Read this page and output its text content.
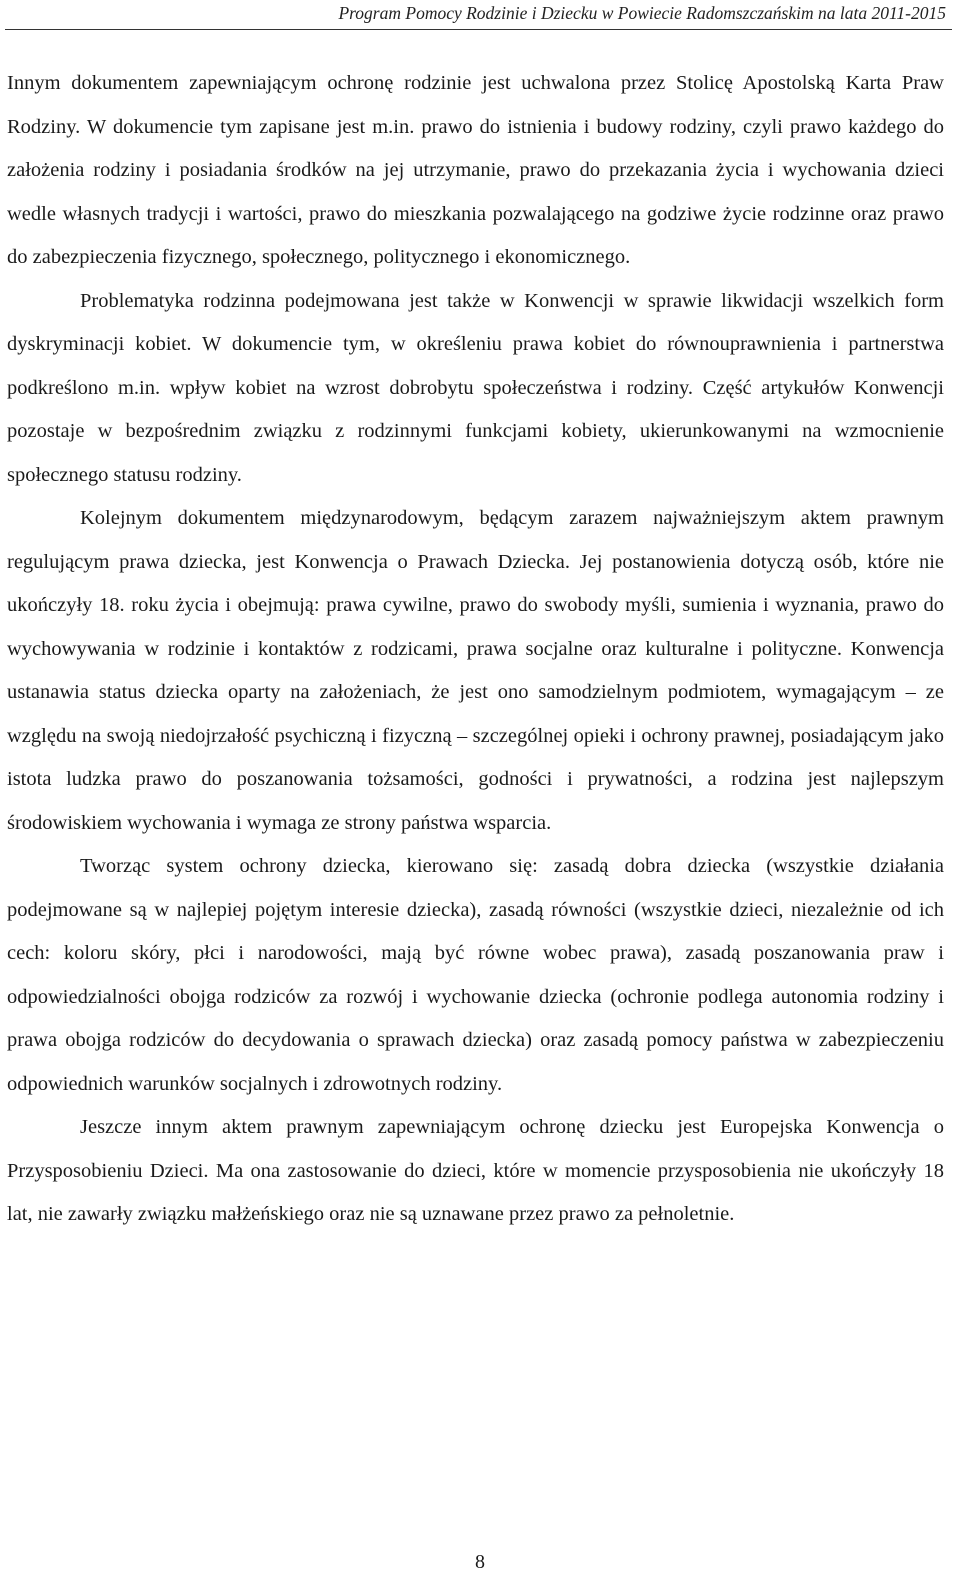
Program Pomocy Rodzinie i Dziecku w Powiecie Radomszczańskim na lata 2011-2015

Innym dokumentem zapewniającym ochronę rodzinie jest uchwalona przez Stolicę Apostolską Karta Praw Rodziny. W dokumencie tym zapisane jest m.in. prawo do istnienia i budowy rodziny, czyli prawo każdego do założenia rodziny i posiadania środków na jej utrzymanie, prawo do przekazania życia i wychowania dzieci wedle własnych tradycji i wartości, prawo do mieszkania pozwalającego na godziwe życie rodzinne oraz prawo do zabezpieczenia fizycznego, społecznego, politycznego i ekonomicznego.

Problematyka rodzinna podejmowana jest także w Konwencji w sprawie likwidacji wszelkich form dyskryminacji kobiet. W dokumencie tym, w określeniu prawa kobiet do równouprawnienia i partnerstwa podkreślono m.in. wpływ kobiet na wzrost dobrobytu społeczeństwa i rodziny. Część artykułów Konwencji pozostaje w bezpośrednim związku z rodzinnymi funkcjami kobiety, ukierunkowanymi na wzmocnienie społecznego statusu rodziny.

Kolejnym dokumentem międzynarodowym, będącym zarazem najważniejszym aktem prawnym regulującym prawa dziecka, jest Konwencja o Prawach Dziecka. Jej postanowienia dotyczą osób, które nie ukończyły 18. roku życia i obejmują: prawa cywilne, prawo do swobody myśli, sumienia i wyznania, prawo do wychowywania w rodzinie i kontaktów z rodzicami, prawa socjalne oraz kulturalne i polityczne. Konwencja ustanawia status dziecka oparty na założeniach, że jest ono samodzielnym podmiotem, wymagającym – ze względu na swoją niedojrzałość psychiczną i fizyczną – szczególnej opieki i ochrony prawnej, posiadającym jako istota ludzka prawo do poszanowania tożsamości, godności i prywatności, a rodzina jest najlepszym środowiskiem wychowania i wymaga ze strony państwa wsparcia.

Tworząc system ochrony dziecka, kierowano się: zasadą dobra dziecka (wszystkie działania podejmowane są w najlepiej pojętym interesie dziecka), zasadą równości (wszystkie dzieci, niezależnie od ich cech: koloru skóry, płci i narodowości, mają być równe wobec prawa), zasadą poszanowania praw i odpowiedzialności obojga rodziców za rozwój i wychowanie dziecka (ochronie podlega autonomia rodziny i prawa obojga rodziców do decydowania o sprawach dziecka) oraz zasadą pomocy państwa w zabezpieczeniu odpowiednich warunków socjalnych i zdrowotnych rodziny.

Jeszcze innym aktem prawnym zapewniającym ochronę dziecku jest Europejska Konwencja o Przysposobieniu Dzieci. Ma ona zastosowanie do dzieci, które w momencie przysposobienia nie ukończyły 18 lat, nie zawarły związku małżeńskiego oraz nie są uznawane przez prawo za pełnoletnie.

8
